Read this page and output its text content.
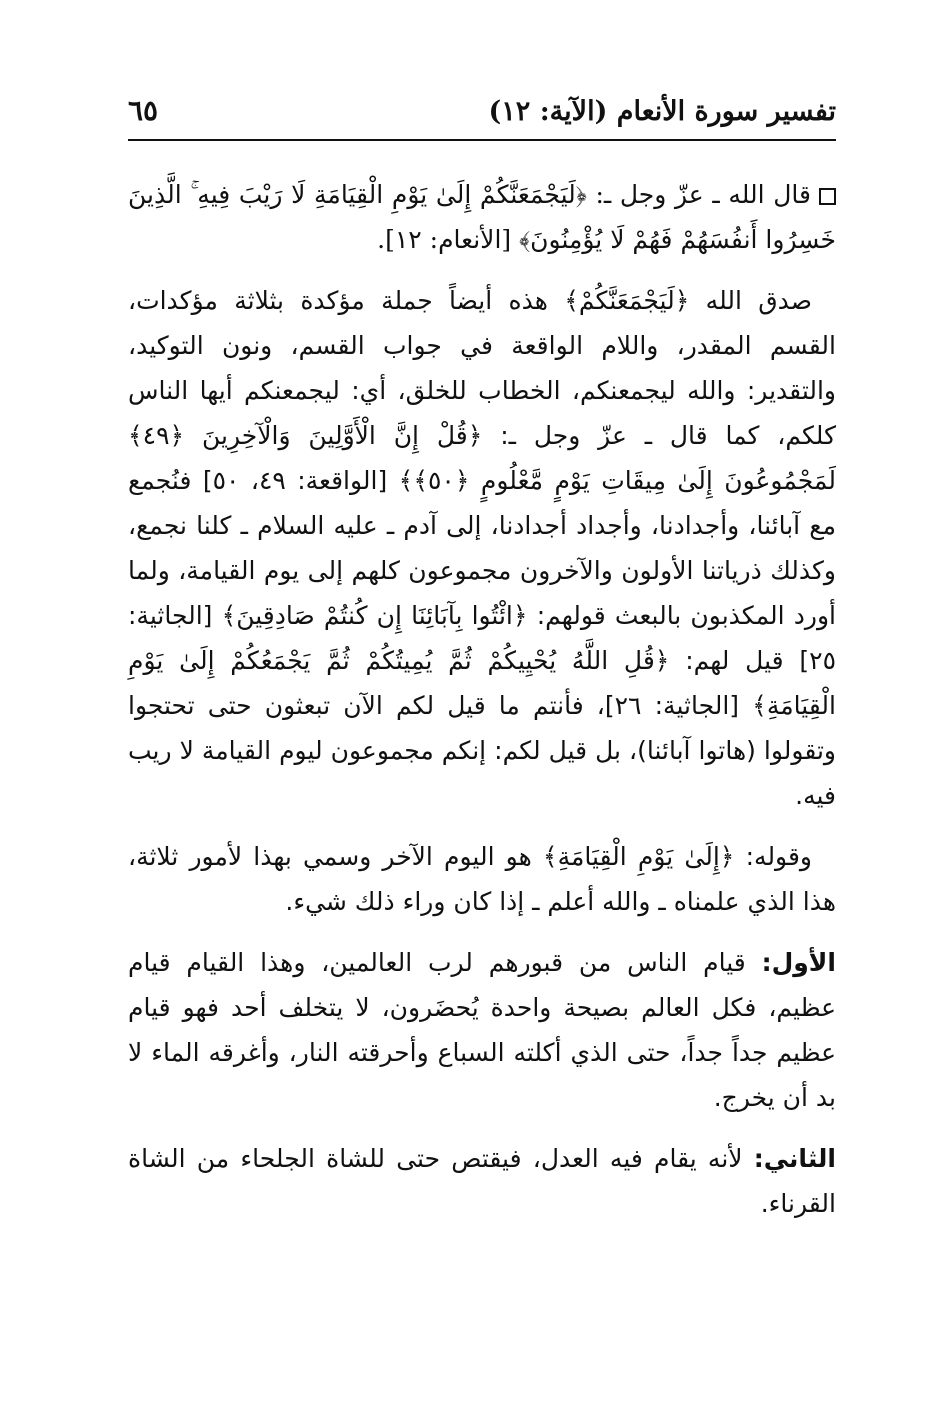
تفسير سورة الأنعام (الآية: ١٢)
٦٥

قال الله ـ عزّ وجل ـ: ﴿لَيَجْمَعَنَّكُمْ إِلَىٰ يَوْمِ الْقِيَامَةِ لَا رَيْبَ فِيهِ ۚ الَّذِينَ خَسِرُوا أَنفُسَهُمْ فَهُمْ لَا يُؤْمِنُونَ﴾ [الأنعام: ١٢].

صدق الله ﴿لَيَجْمَعَنَّكُمْ﴾ هذه أيضاً جملة مؤكدة بثلاثة مؤكدات، القسم المقدر، واللام الواقعة في جواب القسم، ونون التوكيد، والتقدير: والله ليجمعنكم، الخطاب للخلق، أي: ليجمعنكم أيها الناس كلكم، كما قال ـ عزّ وجل ـ: ﴿قُلْ إِنَّ الْأَوَّلِينَ وَالْآخِرِينَ ﴿٤٩﴾ لَمَجْمُوعُونَ إِلَىٰ مِيقَاتِ يَوْمٍ مَّعْلُومٍ ﴿٥٠﴾﴾ [الواقعة: ٤٩، ٥٠] فنُجمع مع آبائنا، وأجدادنا، وأجداد أجدادنا، إلى آدم ـ عليه السلام ـ كلنا نجمع، وكذلك ذرياتنا الأولون والآخرون مجموعون كلهم إلى يوم القيامة، ولما أورد المكذبون بالبعث قولهم: ﴿ائْتُوا بِآبَائِنَا إِن كُنتُمْ صَادِقِينَ﴾ [الجاثية: ٢٥] قيل لهم: ﴿قُلِ اللَّهُ يُحْيِيكُمْ ثُمَّ يُمِيتُكُمْ ثُمَّ يَجْمَعُكُمْ إِلَىٰ يَوْمِ الْقِيَامَةِ﴾ [الجاثية: ٢٦]، فأنتم ما قيل لكم الآن تبعثون حتى تحتجوا وتقولوا (هاتوا آبائنا)، بل قيل لكم: إنكم مجموعون ليوم القيامة لا ريب فيه.

وقوله: ﴿إِلَىٰ يَوْمِ الْقِيَامَةِ﴾ هو اليوم الآخر وسمي بهذا لأمور ثلاثة، هذا الذي علمناه ـ والله أعلم ـ إذا كان وراء ذلك شيء.

الأول: قيام الناس من قبورهم لرب العالمين، وهذا القيام قيام عظيم، فكل العالم بصيحة واحدة يُحضَرون، لا يتخلف أحد فهو قيام عظيم جداً جداً، حتى الذي أكلته السباع وأحرقته النار، وأغرقه الماء لا بد أن يخرج.

الثاني: لأنه يقام فيه العدل، فيقتص حتى للشاة الجلحاء من الشاة القرناء.
